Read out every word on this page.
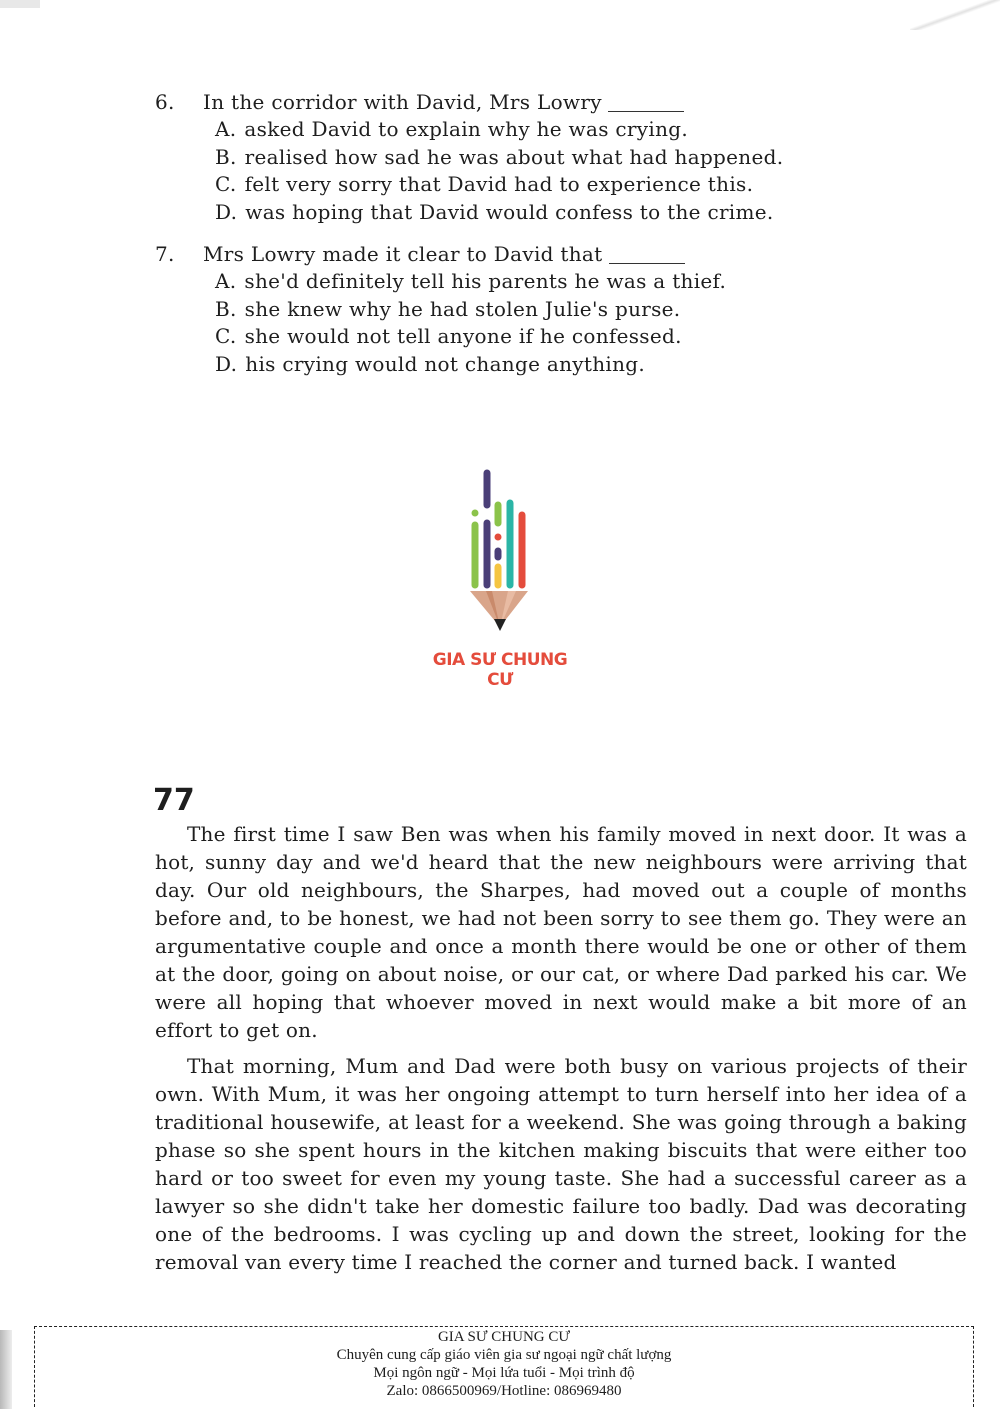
6.	In the corridor with David, Mrs Lowry
A. asked David to explain why he was crying.
B. realised how sad he was about what had happened.
C. felt very sorry that David had to experience this.
D. was hoping that David would confess to the crime.
7.	Mrs Lowry made it clear to David that
A. she'd definitely tell his parents he was a thief.
B. she knew why he had stolen Julie's purse.
C. she would not tell anyone if he confessed.
D. his crying would not change anything.
GIA SƯ CHUNG CƯ
77

The first time I saw Ben was when his family moved in next door. It was a hot, sunny day and we'd heard that the new neighbours were arriving that day. Our old neighbours, the Sharpes, had moved out a couple of months before and, to be honest, we had not been sorry to see them go. They were an argumentative couple and once a month there would be one or other of them at the door, going on about noise, or our cat, or where Dad parked his car. We were all hoping that whoever moved in next would make a bit more of an effort to get on.

That morning, Mum and Dad were both busy on various projects of their own. With Mum, it was her ongoing attempt to turn herself into her idea of a traditional housewife, at least for a weekend. She was going through a baking phase so she spent hours in the kitchen making biscuits that were either too hard or too sweet for even my young taste. She had a successful career as a lawyer so she didn't take her domestic failure too badly. Dad was decorating one of the bedrooms. I was cycling up and down the street, looking for the removal van every time I reached the corner and turned back. I wanted

GIA SƯ CHUNG CƯ
Chuyên cung cấp giáo viên gia sư ngoại ngữ chất lượng
Mọi ngôn ngữ - Mọi lứa tuổi - Mọi trình độ
Zalo: 0866500969/Hotline: 086969480
